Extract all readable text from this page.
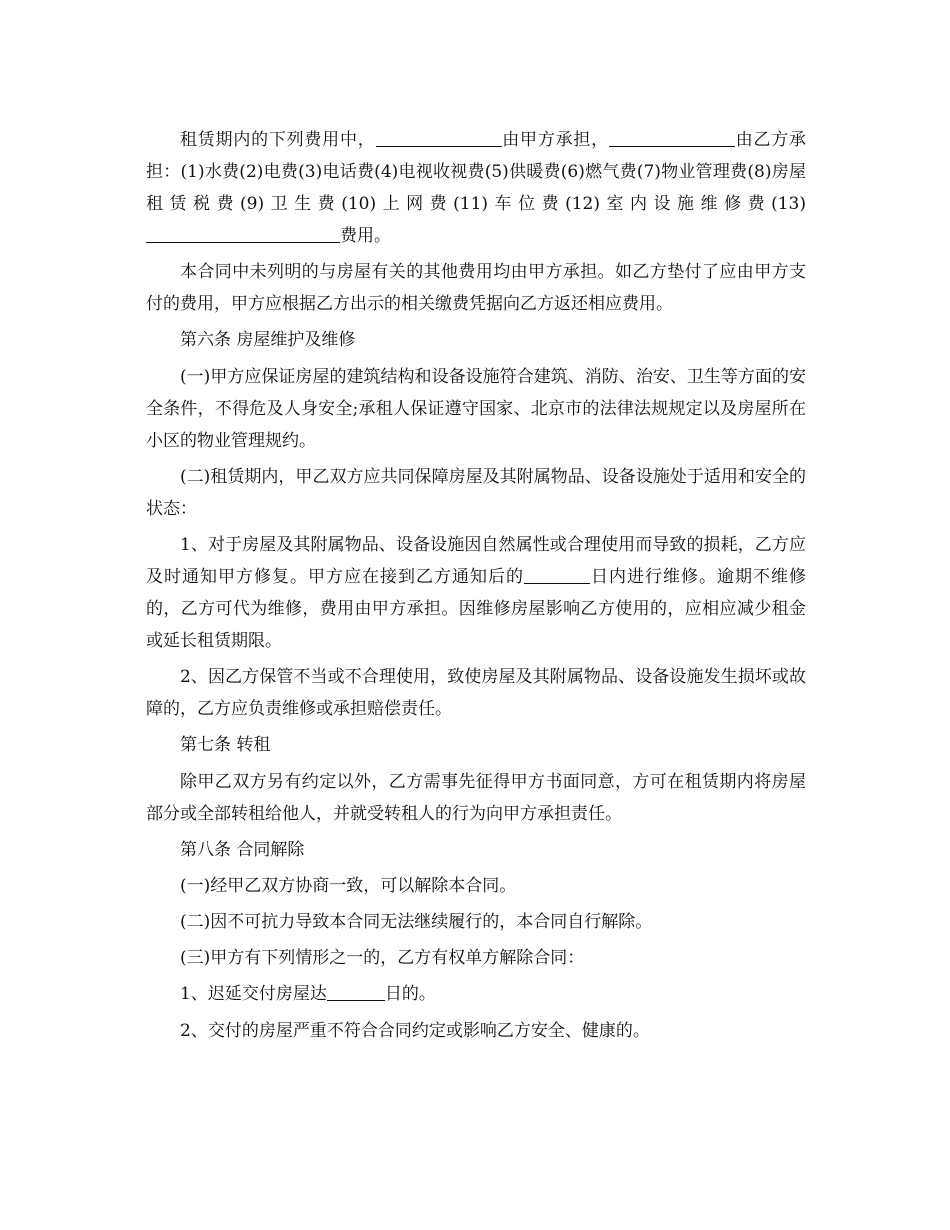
租赁期内的下列费用中，	由甲方承担，	由乙方承担：(1)水费(2)电费(3)电话费(4)电视收视费(5)供暖费(6)燃气费(7)物业管理费(8)房屋租赁税费(9)卫生费(10)上网费(11)车位费(12)室内设施维修费(13)费用。

本合同中未列明的与房屋有关的其他费用均由甲方承担。如乙方垫付了应由甲方支付的费用，甲方应根据乙方出示的相关缴费凭据向乙方返还相应费用。

第六条 房屋维护及维修

(一)甲方应保证房屋的建筑结构和设备设施符合建筑、消防、治安、卫生等方面的安全条件，不得危及人身安全;承租人保证遵守国家、北京市的法律法规规定以及房屋所在小区的物业管理规约。

(二)租赁期内，甲乙双方应共同保障房屋及其附属物品、设备设施处于适用和安全的状态：

1、对于房屋及其附属物品、设备设施因自然属性或合理使用而导致的损耗，乙方应及时通知甲方修复。甲方应在接到乙方通知后的	日内进行维修。逾期不维修的，乙方可代为维修，费用由甲方承担。因维修房屋影响乙方使用的，应相应减少租金或延长租赁期限。

2、因乙方保管不当或不合理使用，致使房屋及其附属物品、设备设施发生损坏或故障的，乙方应负责维修或承担赔偿责任。

第七条 转租

除甲乙双方另有约定以外，乙方需事先征得甲方书面同意，方可在租赁期内将房屋部分或全部转租给他人，并就受转租人的行为向甲方承担责任。

第八条 合同解除

(一)经甲乙双方协商一致，可以解除本合同。

(二)因不可抗力导致本合同无法继续履行的，本合同自行解除。

(三)甲方有下列情形之一的，乙方有权单方解除合同：

1、迟延交付房屋达	日的。

2、交付的房屋严重不符合合同约定或影响乙方安全、健康的。
